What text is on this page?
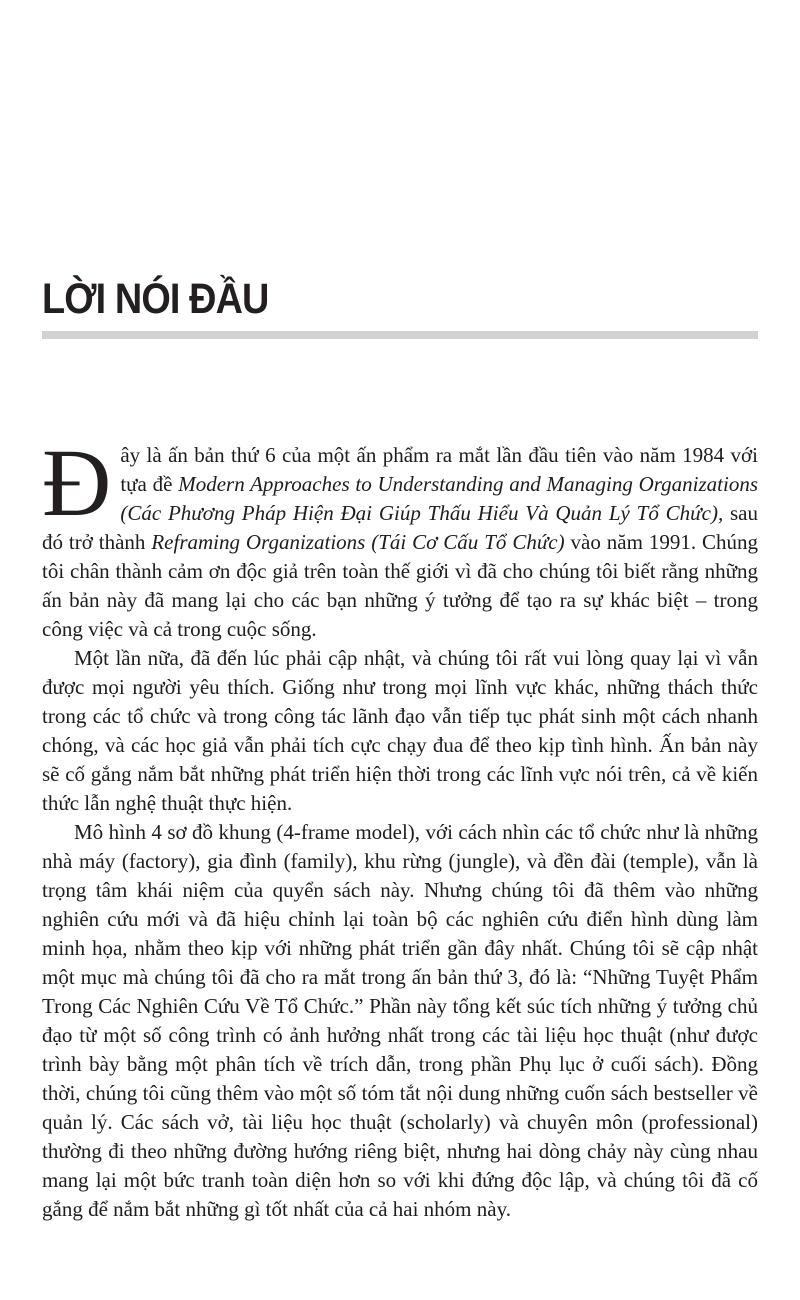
LỜI NÓI ĐẦU

Đây là ấn bản thứ 6 của một ấn phẩm ra mắt lần đầu tiên vào năm 1984 với tựa đề Modern Approaches to Understanding and Managing Organizations (Các Phương Pháp Hiện Đại Giúp Thấu Hiểu Và Quản Lý Tổ Chức), sau đó trở thành Reframing Organizations (Tái Cơ Cấu Tổ Chức) vào năm 1991. Chúng tôi chân thành cảm ơn độc giả trên toàn thế giới vì đã cho chúng tôi biết rằng những ấn bản này đã mang lại cho các bạn những ý tưởng để tạo ra sự khác biệt – trong công việc và cả trong cuộc sống.

Một lần nữa, đã đến lúc phải cập nhật, và chúng tôi rất vui lòng quay lại vì vẫn được mọi người yêu thích. Giống như trong mọi lĩnh vực khác, những thách thức trong các tổ chức và trong công tác lãnh đạo vẫn tiếp tục phát sinh một cách nhanh chóng, và các học giả vẫn phải tích cực chạy đua để theo kịp tình hình. Ấn bản này sẽ cố gắng nắm bắt những phát triển hiện thời trong các lĩnh vực nói trên, cả về kiến thức lẫn nghệ thuật thực hiện.

Mô hình 4 sơ đồ khung (4-frame model), với cách nhìn các tổ chức như là những nhà máy (factory), gia đình (family), khu rừng (jungle), và đền đài (temple), vẫn là trọng tâm khái niệm của quyển sách này. Nhưng chúng tôi đã thêm vào những nghiên cứu mới và đã hiệu chỉnh lại toàn bộ các nghiên cứu điển hình dùng làm minh họa, nhằm theo kịp với những phát triển gần đây nhất. Chúng tôi sẽ cập nhật một mục mà chúng tôi đã cho ra mắt trong ấn bản thứ 3, đó là: “Những Tuyệt Phẩm Trong Các Nghiên Cứu Về Tổ Chức.” Phần này tổng kết súc tích những ý tưởng chủ đạo từ một số công trình có ảnh hưởng nhất trong các tài liệu học thuật (như được trình bày bằng một phân tích về trích dẫn, trong phần Phụ lục ở cuối sách). Đồng thời, chúng tôi cũng thêm vào một số tóm tắt nội dung những cuốn sách bestseller về quản lý. Các sách vở, tài liệu học thuật (scholarly) và chuyên môn (professional) thường đi theo những đường hướng riêng biệt, nhưng hai dòng chảy này cùng nhau mang lại một bức tranh toàn diện hơn so với khi đứng độc lập, và chúng tôi đã cố gắng để nắm bắt những gì tốt nhất của cả hai nhóm này.
